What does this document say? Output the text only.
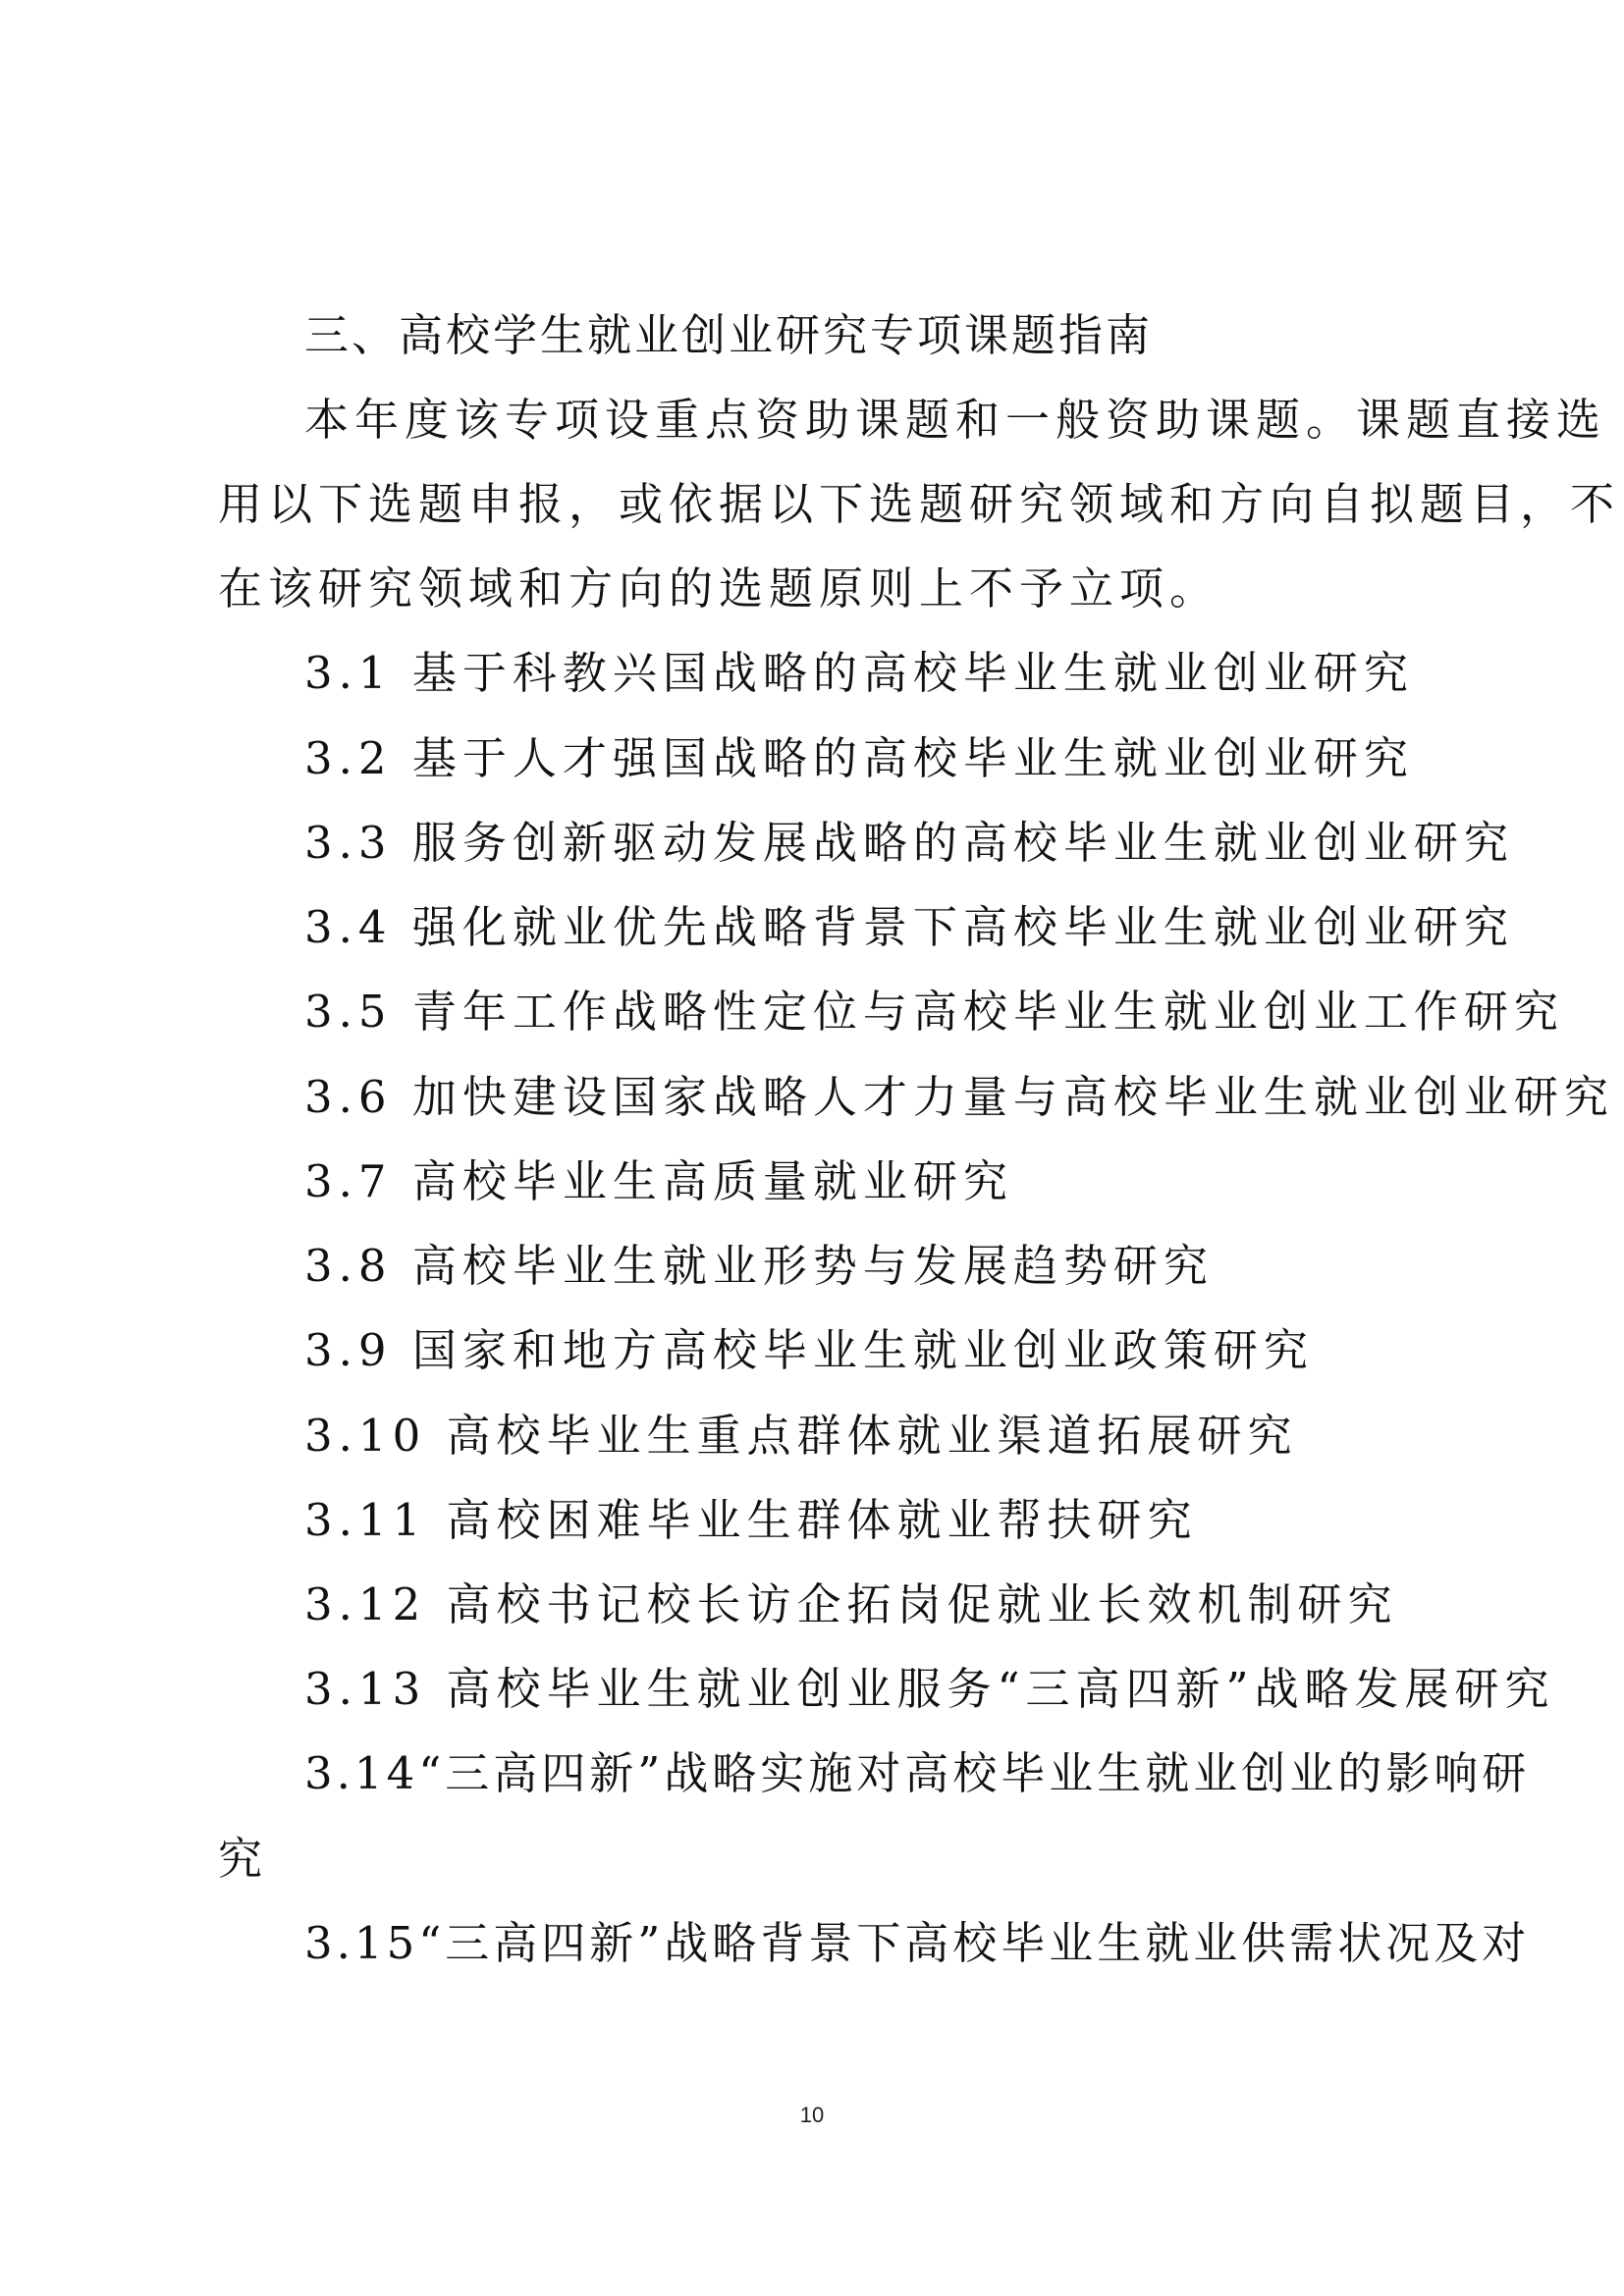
三、高校学生就业创业研究专项课题指南
本年度该专项设重点资助课题和一般资助课题。课题直接选
用以下选题申报，或依据以下选题研究领域和方向自拟题目，不
在该研究领域和方向的选题原则上不予立项。
3.1 基于科教兴国战略的高校毕业生就业创业研究
3.2 基于人才强国战略的高校毕业生就业创业研究
3.3 服务创新驱动发展战略的高校毕业生就业创业研究
3.4 强化就业优先战略背景下高校毕业生就业创业研究
3.5 青年工作战略性定位与高校毕业生就业创业工作研究
3.6 加快建设国家战略人才力量与高校毕业生就业创业研究
3.7 高校毕业生高质量就业研究
3.8 高校毕业生就业形势与发展趋势研究
3.9 国家和地方高校毕业生就业创业政策研究
3.10 高校毕业生重点群体就业渠道拓展研究
3.11 高校困难毕业生群体就业帮扶研究
3.12 高校书记校长访企拓岗促就业长效机制研究
3.13 高校毕业生就业创业服务“三高四新”战略发展研究
3.14“三高四新”战略实施对高校毕业生就业创业的影响研
究
3.15“三高四新”战略背景下高校毕业生就业供需状况及对
10
